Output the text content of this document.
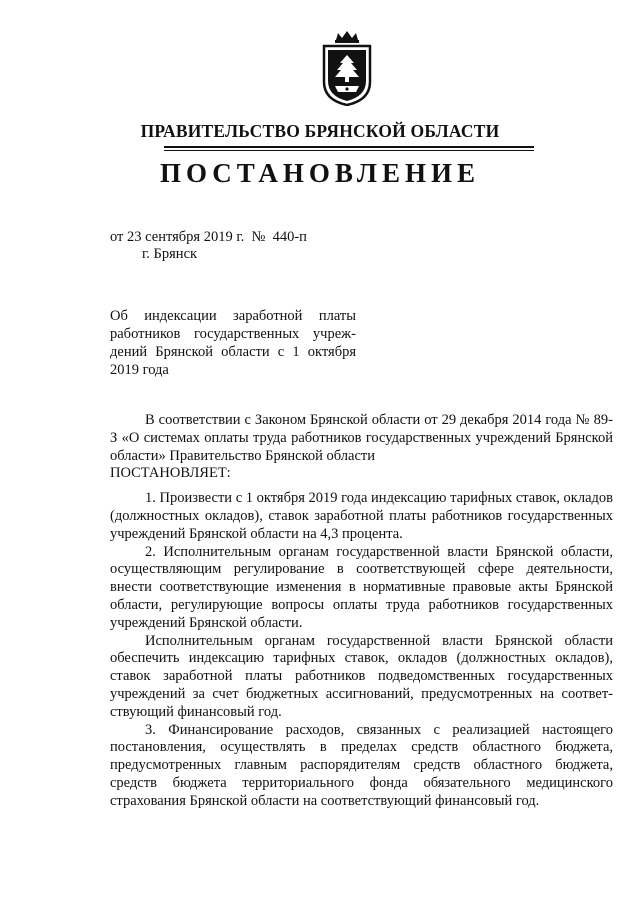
ПРАВИТЕЛЬСТВО БРЯНСКОЙ ОБЛАСТИ
ПОСТАНОВЛЕНИЕ
от 23 сентября 2019 г.  №  440-п
г. Брянск
Об индексации заработной платы
работников государственных учреж-
дений Брянской области с 1 октября
2019 года

В соответствии с Законом Брянской области от 29 декабря 2014 года № 89-З «О системах оплаты труда работников государственных учреждений Брянской области» Правительство Брянской области

ПОСТАНОВЛЯЕТ:

1. Произвести с 1 октября 2019 года индексацию тарифных ставок, окладов (должностных окладов), ставок заработной платы работников государственных учреждений Брянской области на 4,3 процента.

2. Исполнительным органам государственной власти Брянской области, осуществляющим регулирование в соответствующей сфере деятельности, внести соответствующие изменения в нормативные правовые акты Брянской области, регулирующие вопросы оплаты труда работников государственных учреждений Брянской области.

Исполнительным органам государственной власти Брянской области обеспечить индексацию тарифных ставок, окладов (должностных окладов), ставок заработной платы работников подведомственных государственных учреждений за счет бюджетных ассигнований, предусмотренных на соответствующий финансовый год.

3. Финансирование расходов, связанных с реализацией настоящего постановления, осуществлять в пределах средств областного бюджета, предусмотренных главным распорядителям средств областного бюджета, средств бюджета территориального фонда обязательного медицинского страхования Брянской области на соответствующий финансовый год.
